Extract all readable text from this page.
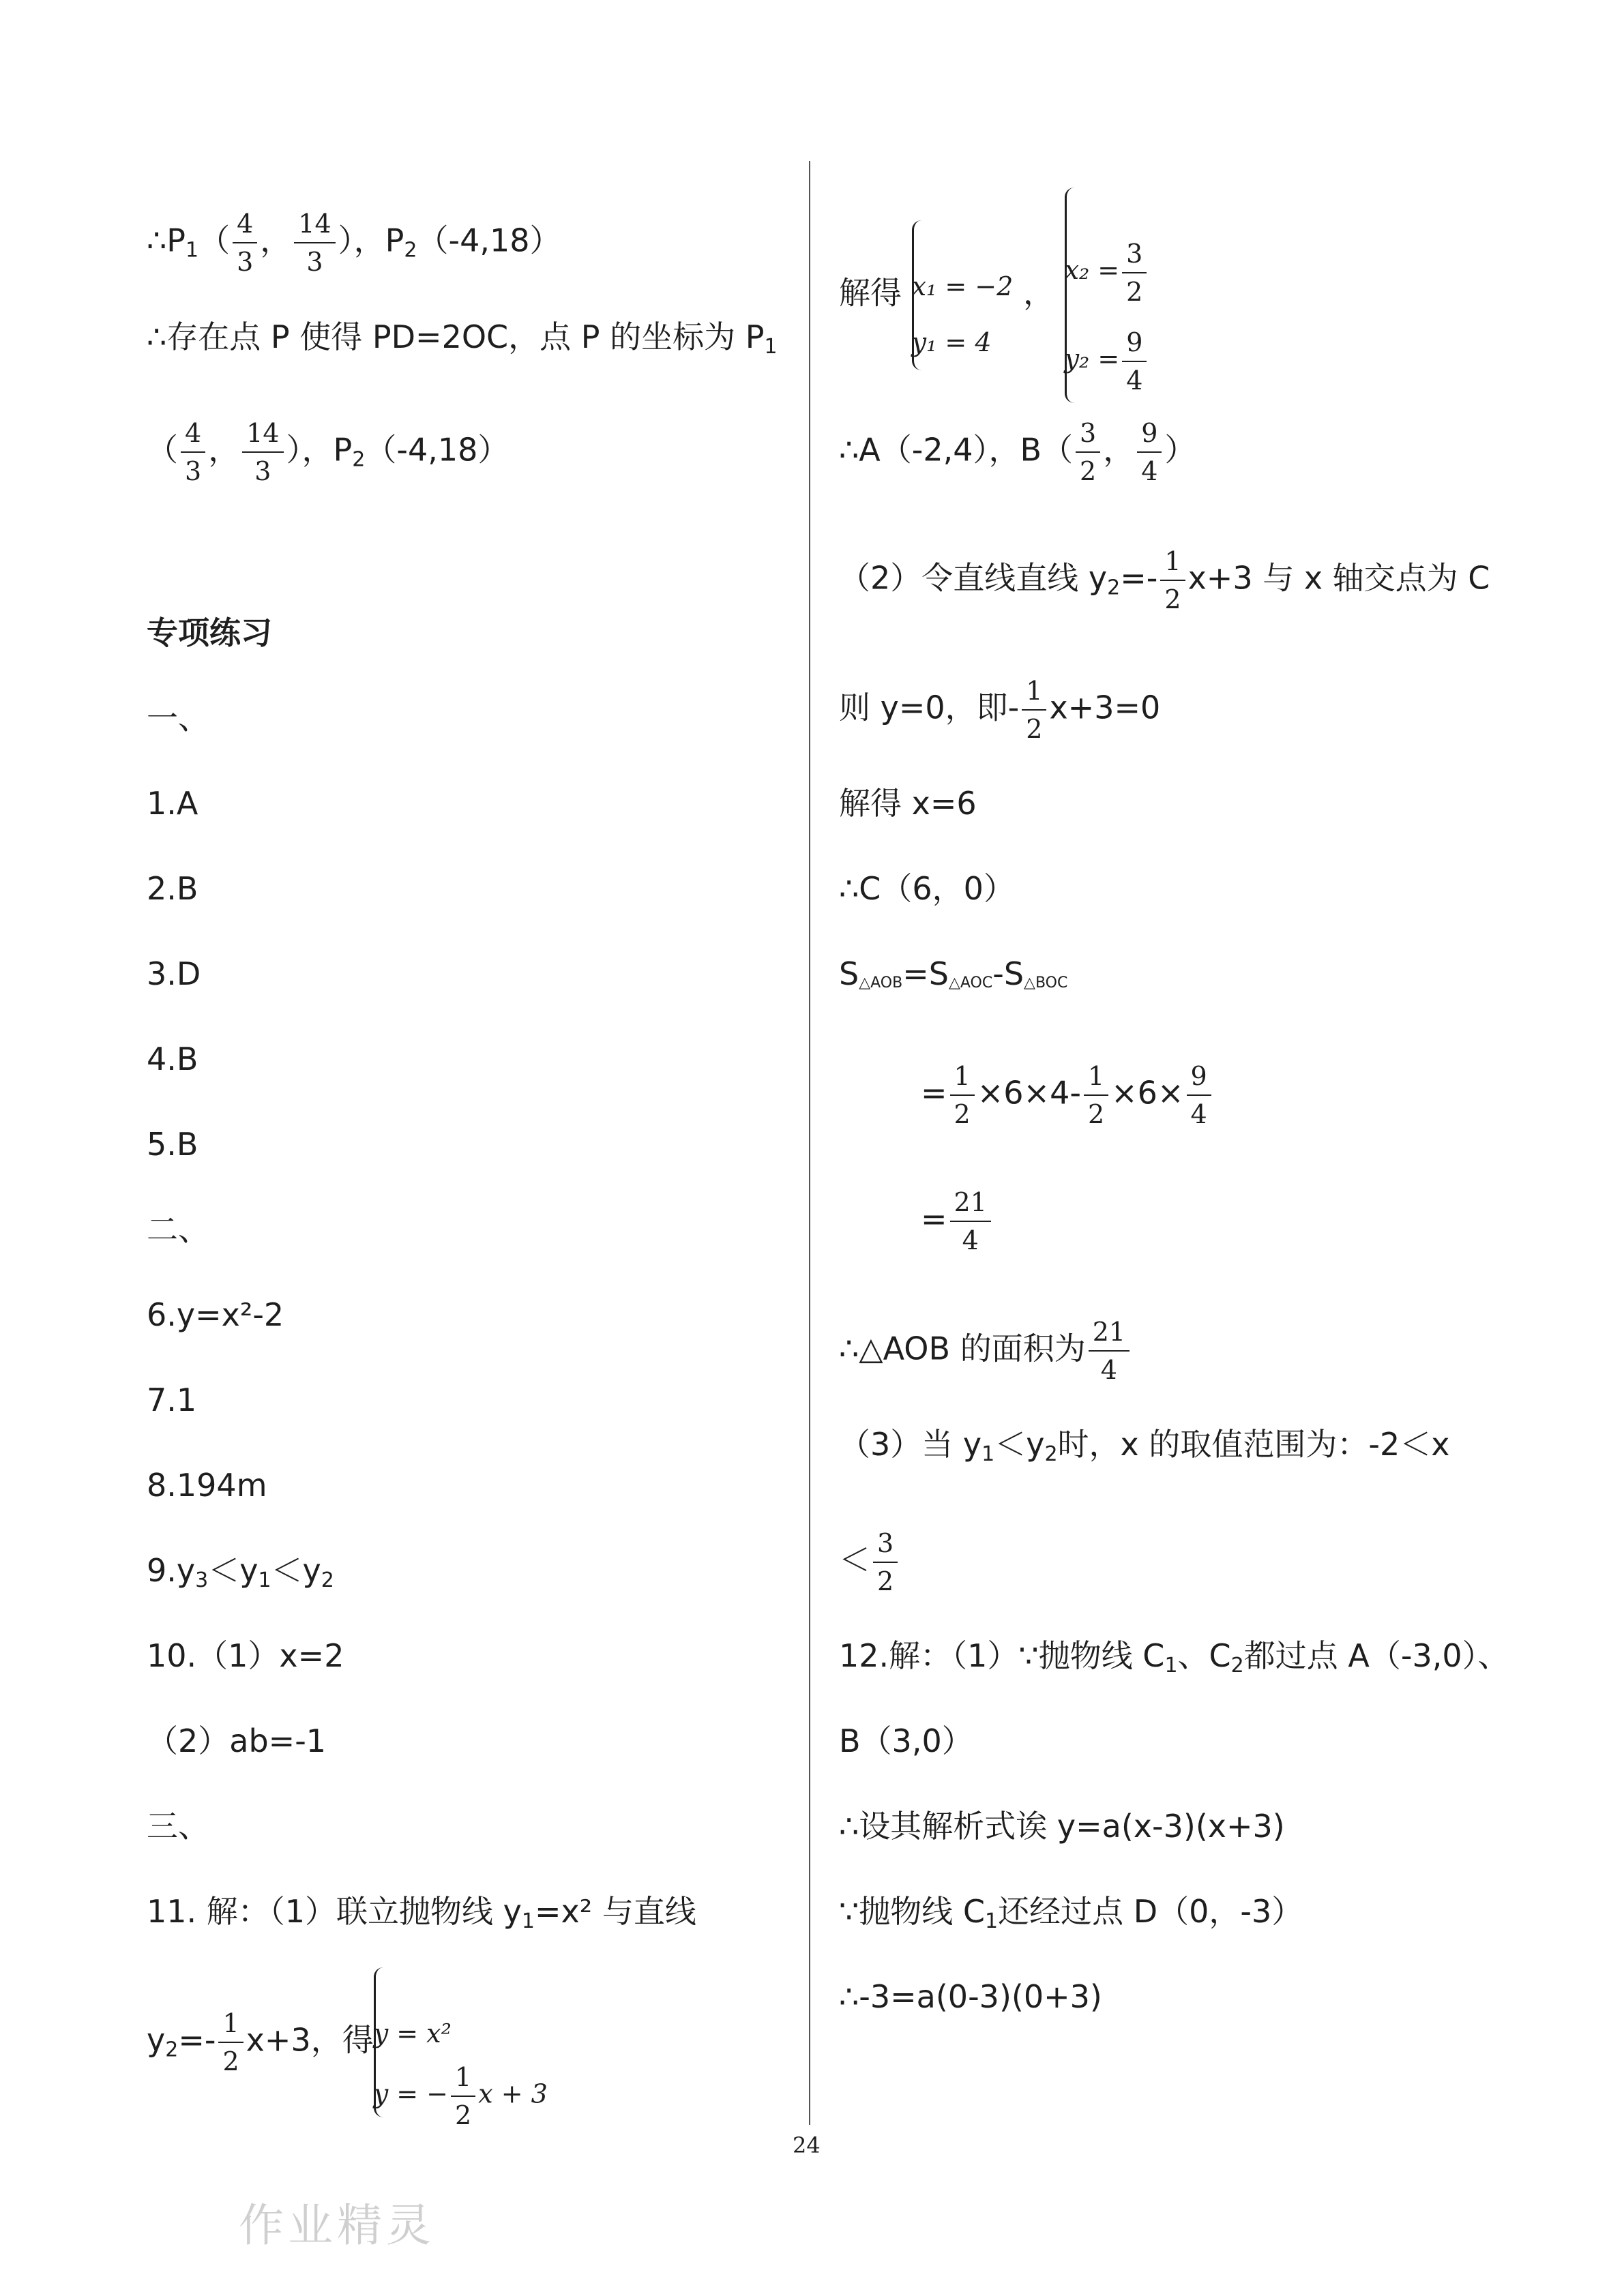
$\therefore P_1( \frac{4}{3}$ ， $\frac{14}{3}$ ），$P_2(-4,18)$
∴存在点 P 使得 PD=2OC，点 P 的坐标为 $P_1$
（ $\frac{4}{3}$ ， $\frac{14}{3}$ ），$P_2(-4,18)$
专项练习
一、
1.A
2.B
3.D
4.B
5.B
二、
6.y=x²-2
7.1
8.194m
$9.y_3<y_1<y_2$
10.（1）x=2
（2）ab=-1
三、
11. 解：（1）联立抛物线 $y_1=x^2$ 与直线
$y_2=- \frac{1}{2} x+3$，得 y = x²
y = − $\frac{1}{2}$ x + 3
解得 x₁ = −2
y₁ = 4
，
$x_2 = \frac{3}{2}$
$y_2 = \frac{9}{4}$
∴A（-2,4），$B( \frac{3}{2}$ ， $\frac{9}{4}$ ）
（2）令直线直线 $y_2=- \frac{1}{2} x+3$ 与 x 轴交点为 C
则 y=0，即- $\frac{1}{2} x+3=0$
解得 x=6
∴C（6，0）
S△AOB=S△AOC-S△BOC
= $\frac{1}{2} \times 6\times 4- \frac{1}{2} \times 6\times \frac{9}{4}$
= $\frac{21}{4}$
∴△AOB 的面积为 $\frac{21}{4}$
（3）当 $y_1<y_2$时，x 的取值范围为：-2＜x
＜ $\frac{3}{2}$
12.解：（1）∵抛物线 $C_1$、$C_2$都过点 A（-3,0）、
B（3,0）
∴设其解析式诶 y=a(x-3)(x+3)
∵抛物线 $C_1$还经过点 D（0，-3）
∴-3=a(0-3)(0+3)
24
作业精灵
